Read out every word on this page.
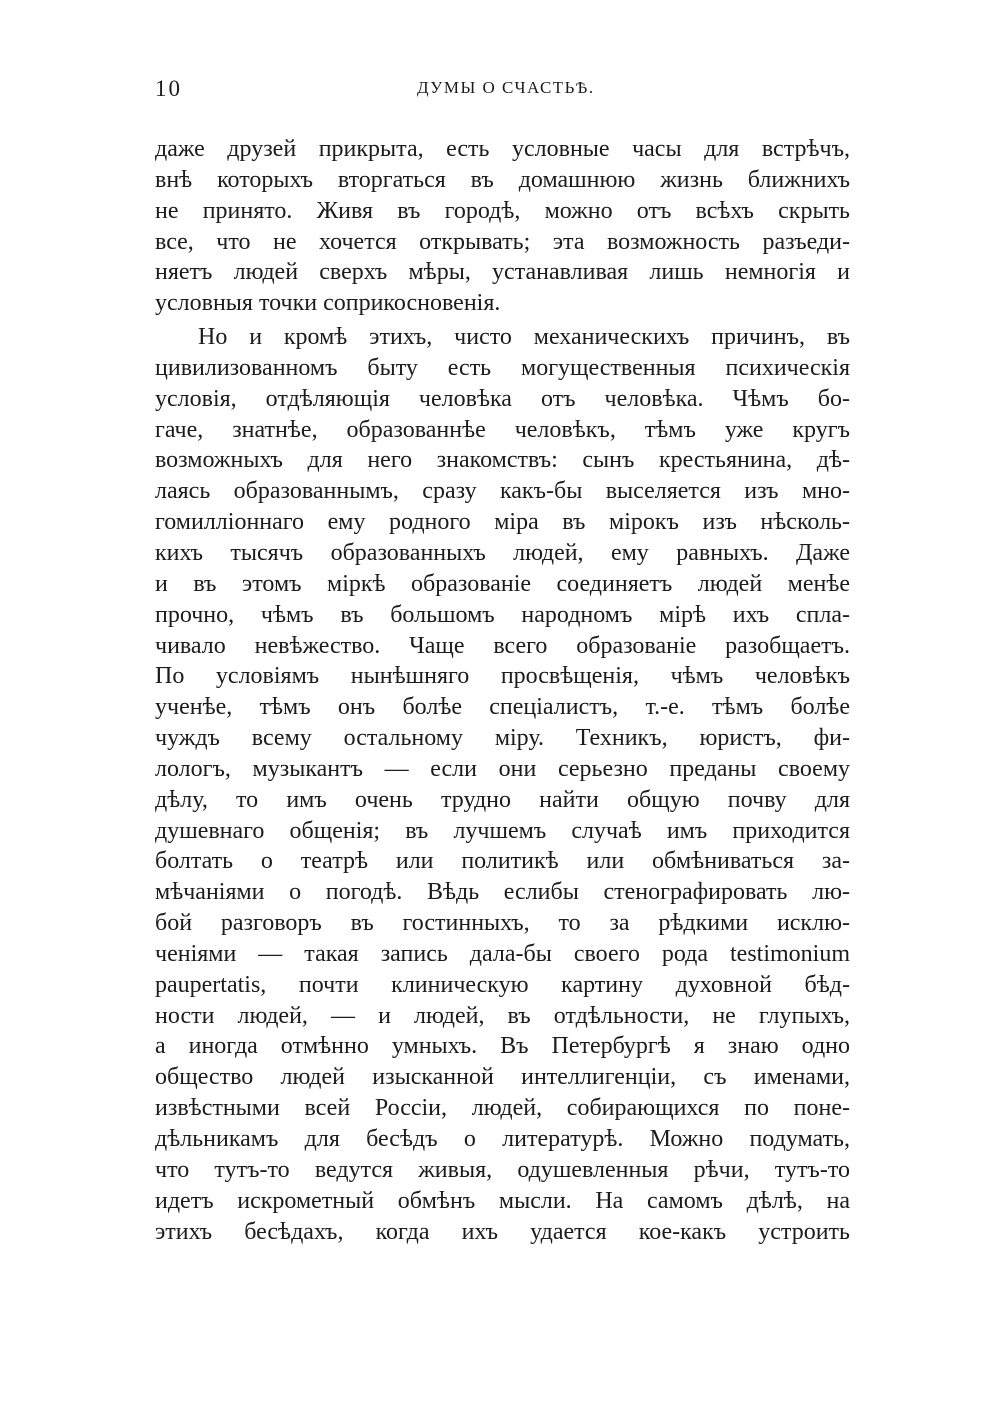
10	ДУМЫ О СЧАСТЬѢ.
даже друзей прикрыта, есть условные часы для встрѣчъ,
внѣ которыхъ вторгаться въ домашнюю жизнь ближнихъ
не принято. Живя въ городѣ, можно отъ всѣхъ скрыть
все, что не хочется открывать; эта возможность разъеди-
няетъ людей сверхъ мѣры, устанавливая лишь немногія и
условныя точки соприкосновенія.
Но и кромѣ этихъ, чисто механическихъ причинъ, въ
цивилизованномъ быту есть могущественныя психическія
условія, отдѣляющія человѣка отъ человѣка. Чѣмъ бо-
гаче, знатнѣе, образованнѣе человѣкъ, тѣмъ уже кругъ
возможныхъ для него знакомствъ: сынъ крестьянина, дѣ-
лаясь образованнымъ, сразу какъ-бы выселяется изъ мно-
гомилліоннаго ему родного міра въ мірокъ изъ нѣсколь-
кихъ тысячъ образованныхъ людей, ему равныхъ. Даже
и въ этомъ міркѣ образованіе соединяетъ людей менѣе
прочно, чѣмъ въ большомъ народномъ мірѣ ихъ спла-
чивало невѣжество. Чаще всего образованіе разобщаетъ.
По условіямъ нынѣшняго просвѣщенія, чѣмъ человѣкъ
ученѣе, тѣмъ онъ болѣе спеціалистъ, т.-е. тѣмъ болѣе
чуждъ всему остальному міру. Техникъ, юристъ, фи-
лологъ, музыкантъ — если они серьезно преданы своему
дѣлу, то имъ очень трудно найти общую почву для
душевнаго общенія; въ лучшемъ случаѣ имъ приходится
болтать о театрѣ или политикѣ или обмѣниваться за-
мѣчаніями о погодѣ. Вѣдь еслибы стенографировать лю-
бой разговоръ въ гостинныхъ, то за рѣдкими исклю-
ченіями — такая запись далa-бы своего рода testimonium
paupertatis, почти клиническую картину духовной бѣд-
ности людей, — и людей, въ отдѣльности, не глупыхъ,
а иногда отмѣнно умныхъ. Въ Петербургѣ я знаю одно
общество людей изысканной интеллигенціи, съ именами,
извѣстными всей Россіи, людей, собирающихся по поне-
дѣльникамъ для бесѣдъ о литературѣ. Можно подумать,
что тутъ-то ведутся живыя, одушевленныя рѣчи, тутъ-то
идетъ искрометный обмѣнъ мысли. На самомъ дѣлѣ, на
этихъ бесѣдахъ, когда ихъ удается кое-какъ устроить
